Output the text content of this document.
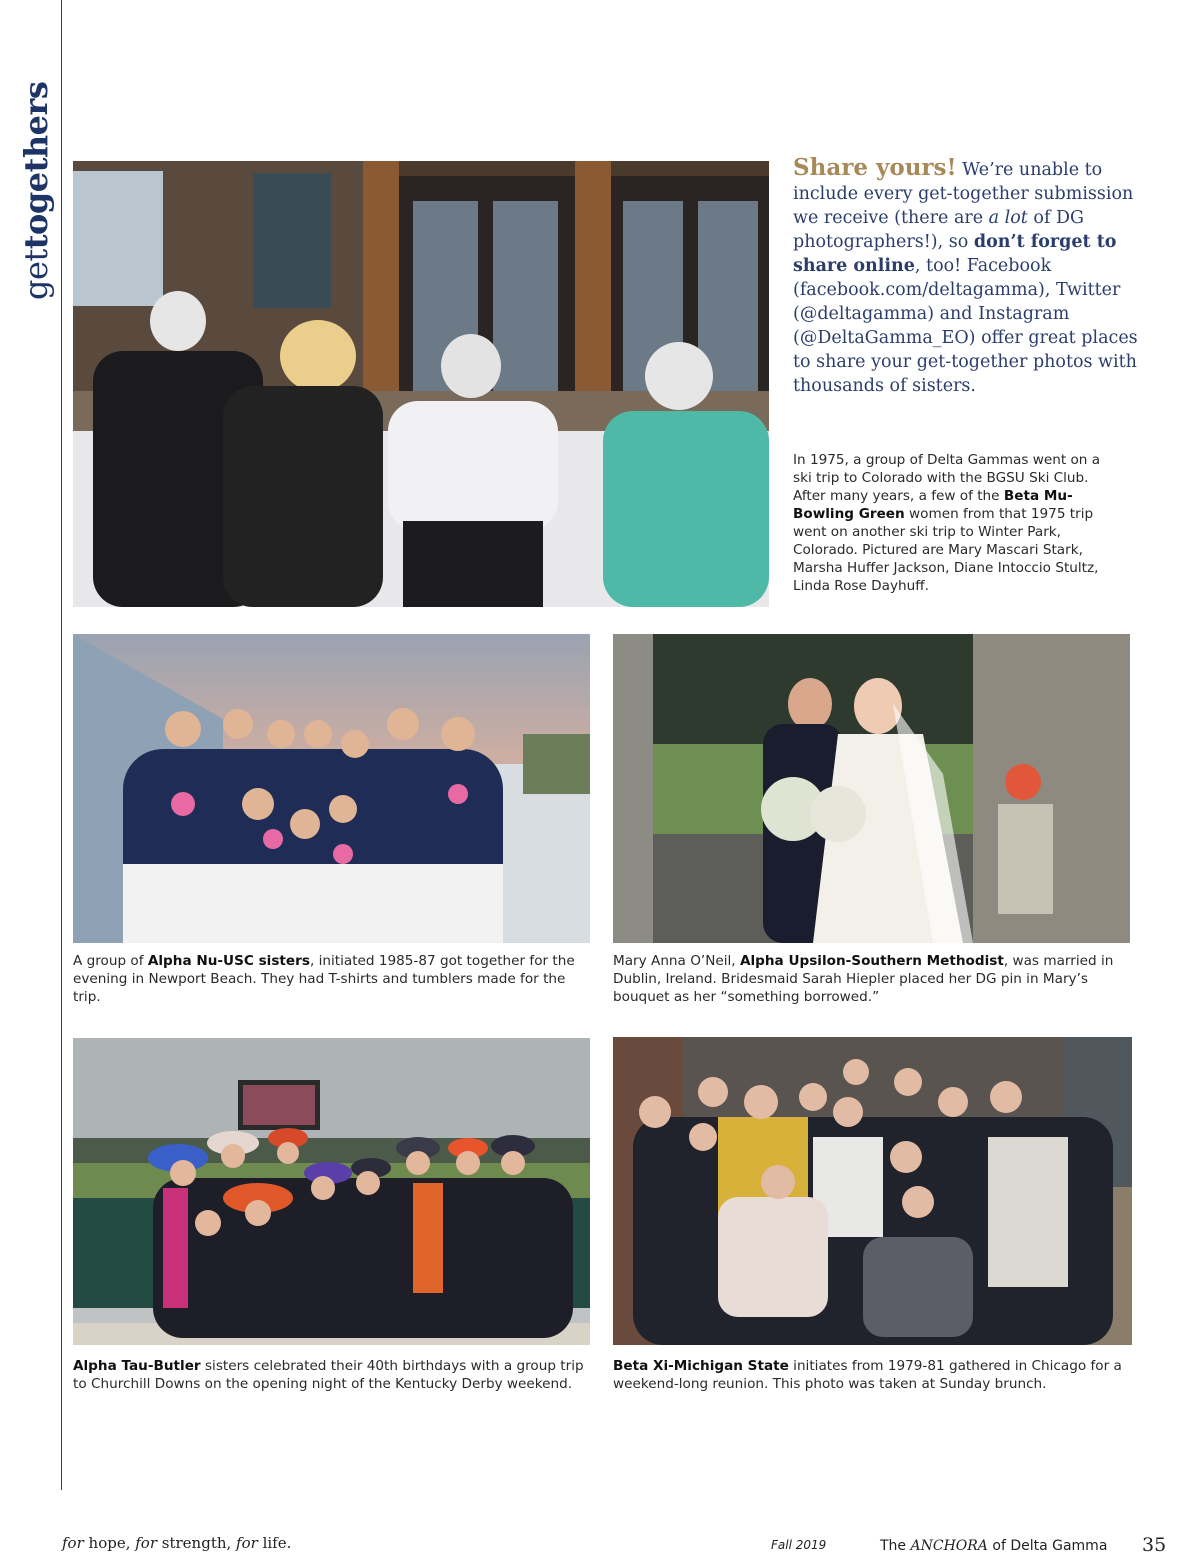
gettogethers	Share yours! We’re unable to include every get-together submission we receive (there are a lot of DG photographers!), so don’t forget to share online, too! Facebook (facebook.com/deltagamma), Twitter (@deltagamma) and Instagram (@DeltaGamma_EO) offer great places to share your get-together photos with thousands of sisters.
In 1975, a group of Delta Gammas went on a ski trip to Colorado with the BGSU Ski Club. After many years, a few of the Beta Mu-Bowling Green women from that 1975 trip went on another ski trip to Winter Park, Colorado. Pictured are Mary Mascari Stark, Marsha Huffer Jackson, Diane Intoccio Stultz, Linda Rose Dayhuff.
A group of Alpha Nu-USC sisters, initiated 1985-87 got together for the evening in Newport Beach. They had T-shirts and tumblers made for the trip.
Mary Anna O’Neil, Alpha Upsilon-Southern Methodist, was married in Dublin, Ireland. Bridesmaid Sarah Hiepler placed her DG pin in Mary’s bouquet as her “something borrowed.”
Alpha Tau-Butler sisters celebrated their 40th birthdays with a group trip to Churchill Downs on the opening night of the Kentucky Derby weekend.
Beta Xi-Michigan State initiates from 1979-81 gathered in Chicago for a weekend-long reunion. This photo was taken at Sunday brunch.
for hope, for strength, for life.	Fall 2019	The ANCHORA of Delta Gamma 35
